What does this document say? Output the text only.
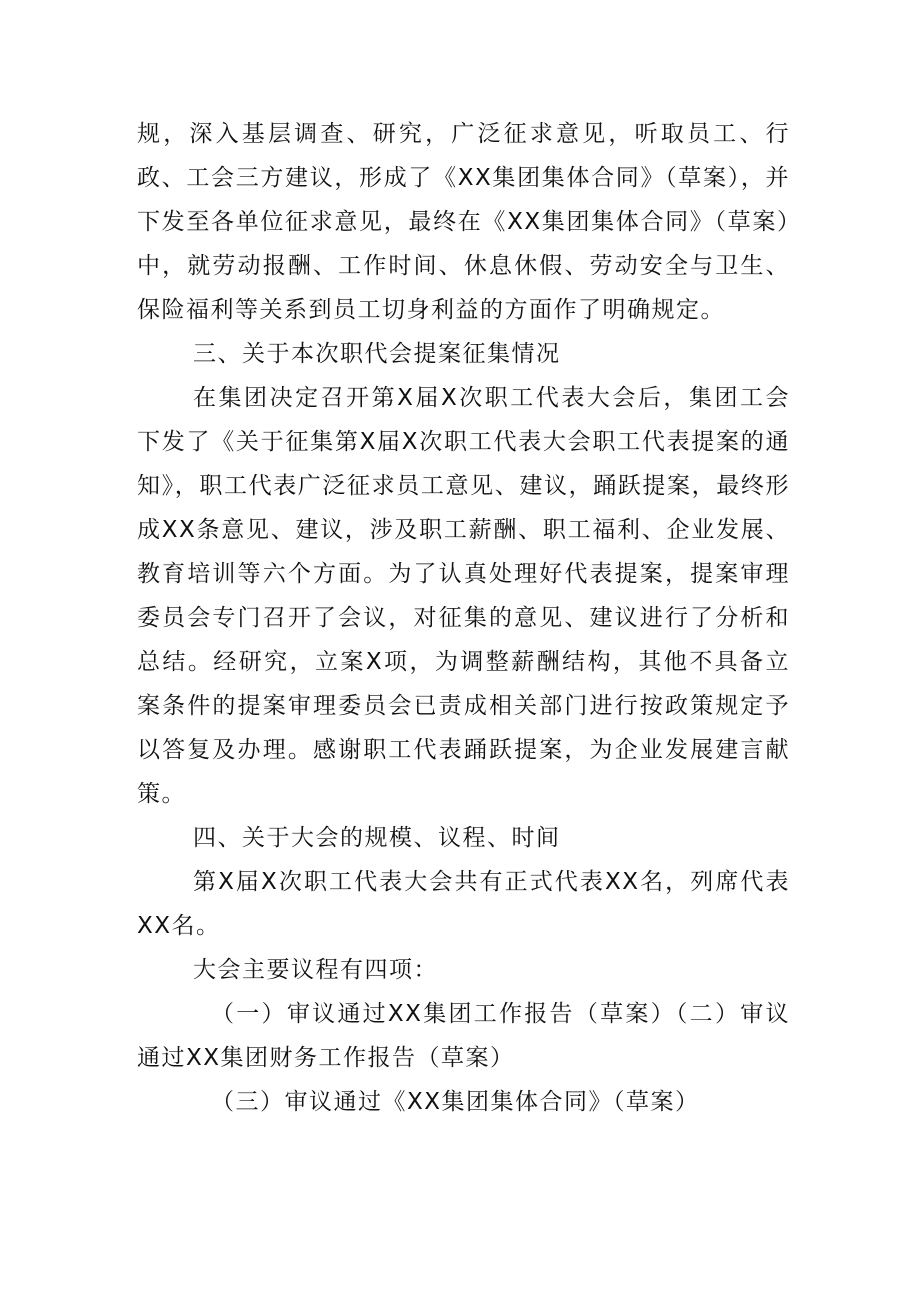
规，深入基层调查、研究，广泛征求意见，听取员工、行政、工会三方建议，形成了《XX集团集体合同》（草案），并下发至各单位征求意见，最终在《XX集团集体合同》（草案）中，就劳动报酬、工作时间、休息休假、劳动安全与卫生、保险福利等关系到员工切身利益的方面作了明确规定。

三、关于本次职代会提案征集情况

在集团决定召开第X届X次职工代表大会后，集团工会下发了《关于征集第X届X次职工代表大会职工代表提案的通知》，职工代表广泛征求员工意见、建议，踊跃提案，最终形成XX条意见、建议，涉及职工薪酬、职工福利、企业发展、教育培训等六个方面。为了认真处理好代表提案，提案审理委员会专门召开了会议，对征集的意见、建议进行了分析和总结。经研究，立案X项，为调整薪酬结构，其他不具备立案条件的提案审理委员会已责成相关部门进行按政策规定予以答复及办理。感谢职工代表踊跃提案，为企业发展建言献策。

四、关于大会的规模、议程、时间

第X届X次职工代表大会共有正式代表XX名，列席代表XX名。

大会主要议程有四项：

（一）审议通过XX集团工作报告（草案）（二）审议通过XX集团财务工作报告（草案）

（三）审议通过《XX集团集体合同》（草案）
